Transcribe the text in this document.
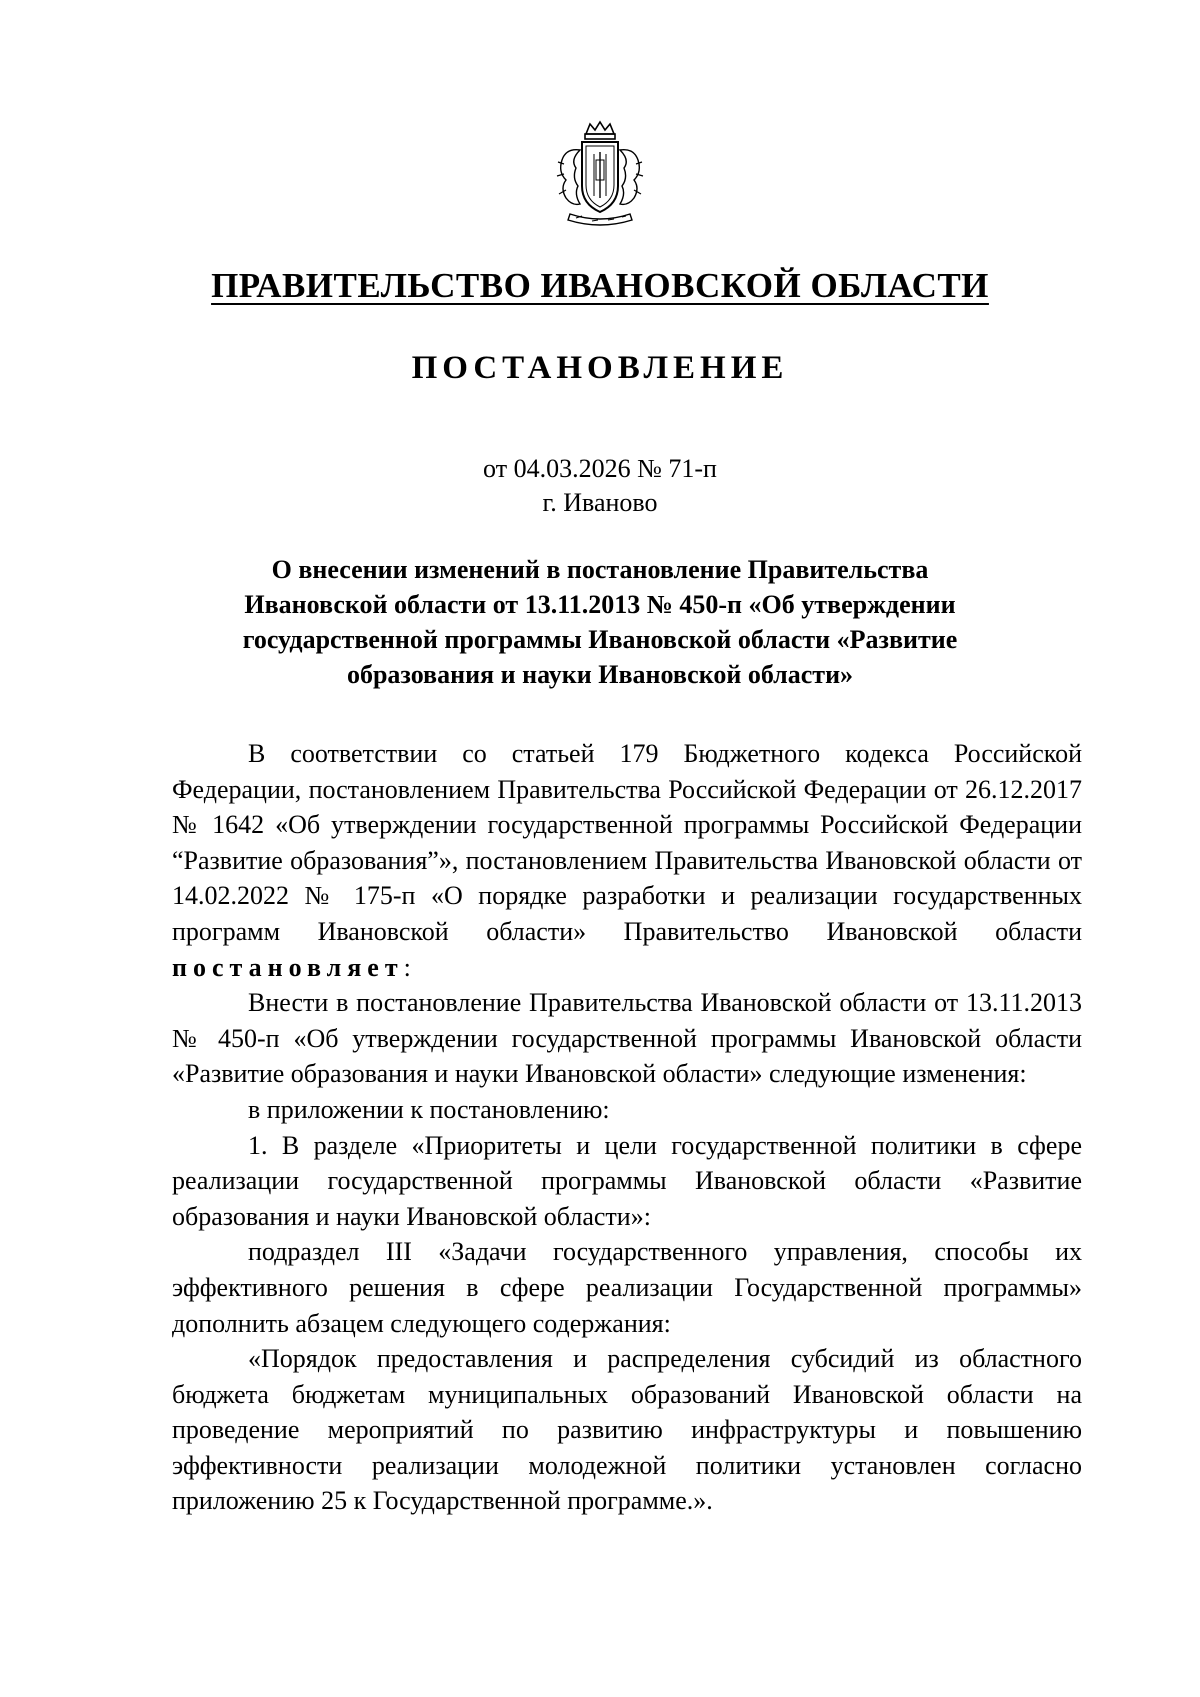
ПРАВИТЕЛЬСТВО ИВАНОВСКОЙ ОБЛАСТИ
ПОСТАНОВЛЕНИЕ
от 04.03.2026 № 71-п
г. Иваново
О внесении изменений в постановление Правительства
Ивановской области от 13.11.2013 № 450-п «Об утверждении
государственной программы Ивановской области «Развитие
образования и науки Ивановской области»

В соответствии со статьей 179 Бюджетного кодекса Российской Федерации, постановлением Правительства Российской Федерации от 26.12.2017 № 1642 «Об утверждении государственной программы Российской Федерации “Развитие образования”», постановлением Правительства Ивановской области от 14.02.2022 № 175-п «О порядке разработки и реализации государственных программ Ивановской области» Правительство Ивановской области постановляет:

Внести в постановление Правительства Ивановской области от 13.11.2013 № 450-п «Об утверждении государственной программы Ивановской области «Развитие образования и науки Ивановской области» следующие изменения:

в приложении к постановлению:

1. В разделе «Приоритеты и цели государственной политики в сфере реализации государственной программы Ивановской области «Развитие образования и науки Ивановской области»:

подраздел III «Задачи государственного управления, способы их эффективного решения в сфере реализации Государственной программы» дополнить абзацем следующего содержания:

«Порядок предоставления и распределения субсидий из областного бюджета бюджетам муниципальных образований Ивановской области на проведение мероприятий по развитию инфраструктуры и повышению эффективности реализации молодежной политики установлен согласно приложению 25 к Государственной программе.».
